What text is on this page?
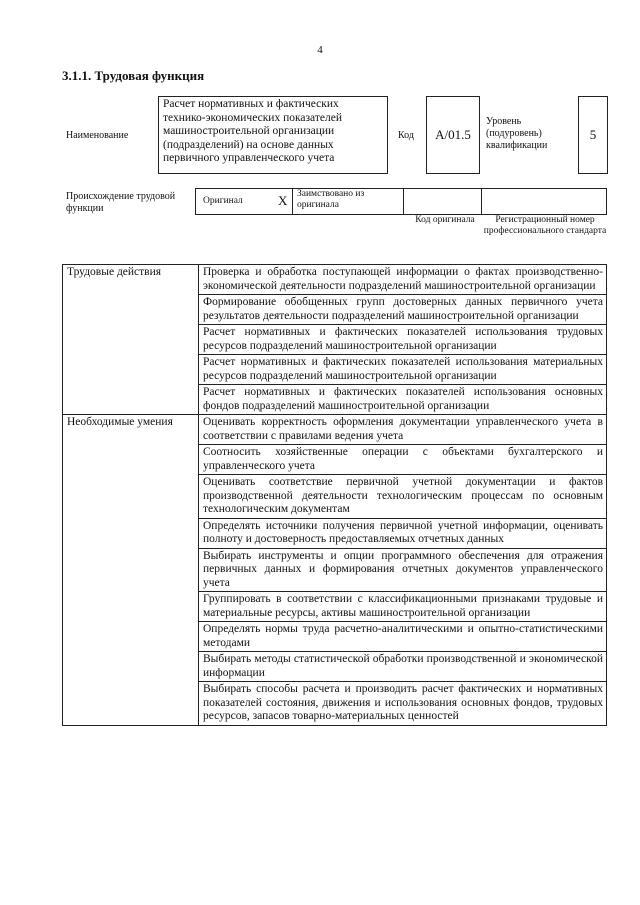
4
3.1.1. Трудовая функция
Наименование
Расчет нормативных и фактических технико-экономических показателей машиностроительной организации (подразделений) на основе данных первичного управленческого учета
Код	A/01.5
Уровень (подуровень) квалификации
5
Происхождение трудовой функции
Оригинал	X Заимствовано из оригинала
Код оригинала	Регистрационный номер профессионального стандарта
Трудовые действия	Проверка и обработка поступающей информации о фактах производственно-экономической деятельности подразделений машиностроительной организации
	Формирование обобщенных групп достоверных данных первичного учета результатов деятельности подразделений машиностроительной организации
	Расчет нормативных и фактических показателей использования трудовых ресурсов подразделений машиностроительной организации
	Расчет нормативных и фактических показателей использования материальных ресурсов подразделений машиностроительной организации
	Расчет нормативных и фактических показателей использования основных фондов подразделений машиностроительной организации
Необходимые умения	Оценивать корректность оформления документации управленческого учета в соответствии с правилами ведения учета
	Соотносить хозяйственные операции с объектами бухгалтерского и управленческого учета
	Оценивать соответствие первичной учетной документации и фактов производственной деятельности технологическим процессам по основным технологическим документам
	Определять источники получения первичной учетной информации, оценивать полноту и достоверность предоставляемых отчетных данных
	Выбирать инструменты и опции программного обеспечения для отражения первичных данных и формирования отчетных документов управленческого учета
	Группировать в соответствии с классификационными признаками трудовые и материальные ресурсы, активы машиностроительной организации
	Определять нормы труда расчетно-аналитическими и опытно-статистическими методами
	Выбирать методы статистической обработки производственной и экономической информации
	Выбирать способы расчета и производить расчет фактических и нормативных показателей состояния, движения и использования основных фондов, трудовых ресурсов, запасов товарно-материальных ценностей
